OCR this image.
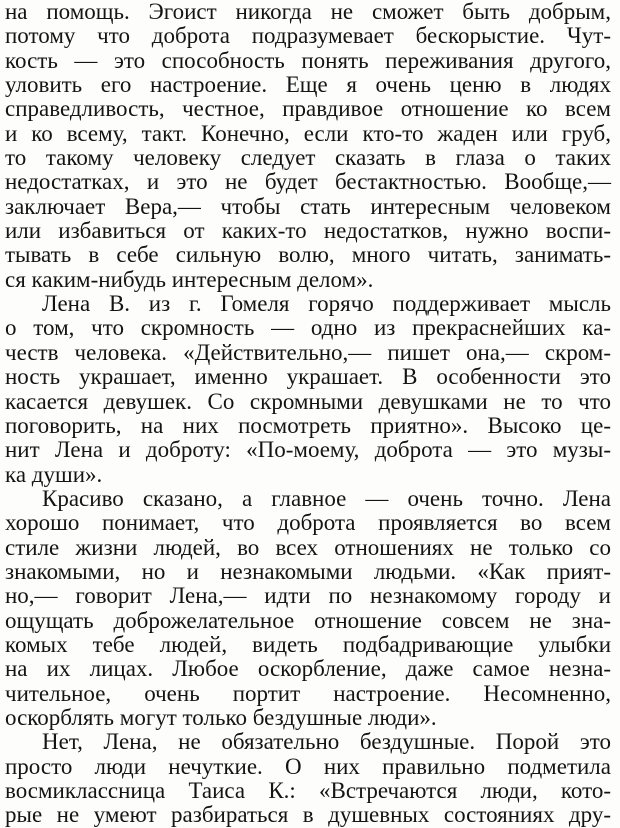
на помощь. Эгоист никогда не сможет быть добрым,
потому что доброта подразумевает бескорыстие. Чут-
кость — это способность понять переживания другого,
уловить его настроение. Еще я очень ценю в людях
справедливость, честное, правдивое отношение ко всем
и ко всему, такт. Конечно, если кто-то жаден или груб,
то такому человеку следует сказать в глаза о таких
недостатках, и это не будет бестактностью. Вообще,—
заключает Вера,— чтобы стать интересным человеком
или избавиться от каких-то недостатков, нужно воспи-
тывать в себе сильную волю, много читать, занимать-
ся каким-нибудь интересным делом».
Лена В. из г. Гомеля горячо поддерживает мысль
о том, что скромность — одно из прекраснейших ка-
честв человека. «Действительно,— пишет она,— скром-
ность украшает, именно украшает. В особенности это
касается девушек. Со скромными девушками не то что
поговорить, на них посмотреть приятно». Высоко це-
нит Лена и доброту: «По-моему, доброта — это музы-
ка души».
Красиво сказано, а главное — очень точно. Лена
хорошо понимает, что доброта проявляется во всем
стиле жизни людей, во всех отношениях не только со
знакомыми, но и незнакомыми людьми. «Как прият-
но,— говорит Лена,— идти по незнакомому городу и
ощущать доброжелательное отношение совсем не зна-
комых тебе людей, видеть подбадривающие улыбки
на их лицах. Любое оскорбление, даже самое незна-
чительное, очень портит настроение. Несомненно,
оскорблять могут только бездушные люди».
Нет, Лена, не обязательно бездушные. Порой это
просто люди нечуткие. О них правильно подметила
восмиклассница Таиса К.: «Встречаются люди, кото-
рые не умеют разбираться в душевных состояниях дру-
